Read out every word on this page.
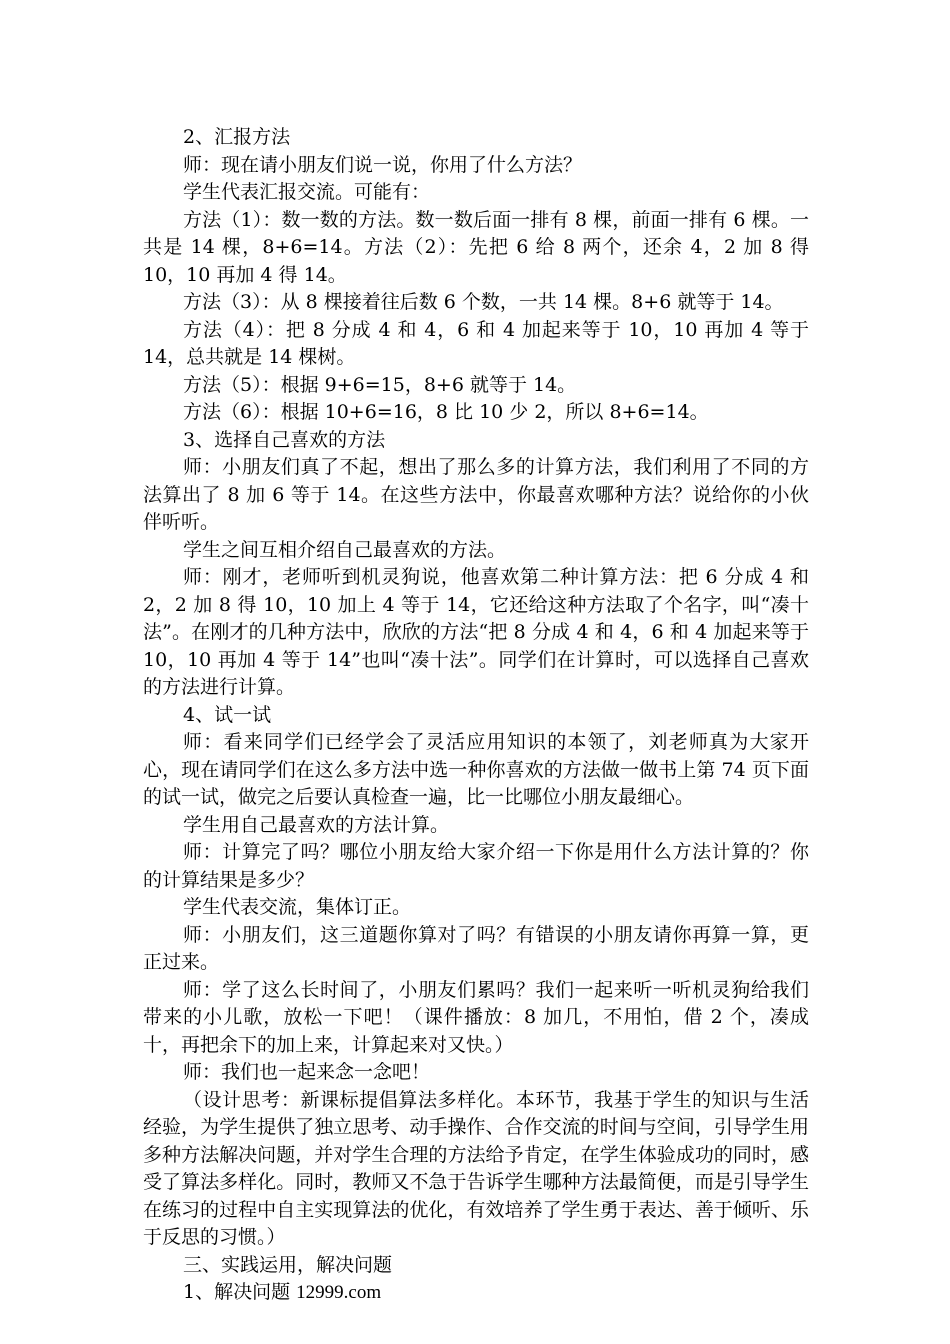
2、汇报方法

师：现在请小朋友们说一说，你用了什么方法？

学生代表汇报交流。可能有：

方法（1）：数一数的方法。数一数后面一排有 8 棵，前面一排有 6 棵。一共是 14 棵，8+6=14。方法（2）：先把 6 给 8 两个，还余 4，2 加 8 得 10，10 再加 4 得 14。

方法（3）：从 8 棵接着往后数 6 个数，一共 14 棵。8+6 就等于 14。

方法（4）：把 8 分成 4 和 4，6 和 4 加起来等于 10，10 再加 4 等于 14，总共就是 14 棵树。

方法（5）：根据 9+6=15，8+6 就等于 14。

方法（6）：根据 10+6=16，8 比 10 少 2，所以 8+6=14。

3、选择自己喜欢的方法

师：小朋友们真了不起，想出了那么多的计算方法，我们利用了不同的方法算出了 8 加 6 等于 14。在这些方法中，你最喜欢哪种方法？说给你的小伙伴听听。

学生之间互相介绍自己最喜欢的方法。

师：刚才，老师听到机灵狗说，他喜欢第二种计算方法：把 6 分成 4 和 2，2 加 8 得 10，10 加上 4 等于 14，它还给这种方法取了个名字，叫“凑十法”。在刚才的几种方法中，欣欣的方法“把 8 分成 4 和 4，6 和 4 加起来等于 10，10 再加 4 等于 14”也叫“凑十法”。同学们在计算时，可以选择自己喜欢的方法进行计算。

4、试一试

师：看来同学们已经学会了灵活应用知识的本领了，刘老师真为大家开心，现在请同学们在这么多方法中选一种你喜欢的方法做一做书上第 74 页下面的试一试，做完之后要认真检查一遍，比一比哪位小朋友最细心。

学生用自己最喜欢的方法计算。

师：计算完了吗？哪位小朋友给大家介绍一下你是用什么方法计算的？你的计算结果是多少？

学生代表交流，集体订正。

师：小朋友们，这三道题你算对了吗？有错误的小朋友请你再算一算，更正过来。

师：学了这么长时间了，小朋友们累吗？我们一起来听一听机灵狗给我们带来的小儿歌，放松一下吧！（课件播放：8 加几，不用怕，借 2 个，凑成十，再把余下的加上来，计算起来对又快。）

师：我们也一起来念一念吧！

（设计思考：新课标提倡算法多样化。本环节，我基于学生的知识与生活经验，为学生提供了独立思考、动手操作、合作交流的时间与空间，引导学生用多种方法解决问题，并对学生合理的方法给予肯定，在学生体验成功的同时，感受了算法多样化。同时，教师又不急于告诉学生哪种方法最简便，而是引导学生在练习的过程中自主实现算法的优化，有效培养了学生勇于表达、善于倾听、乐于反思的习惯。）

三、实践运用，解决问题

1、解决问题 12999.com
